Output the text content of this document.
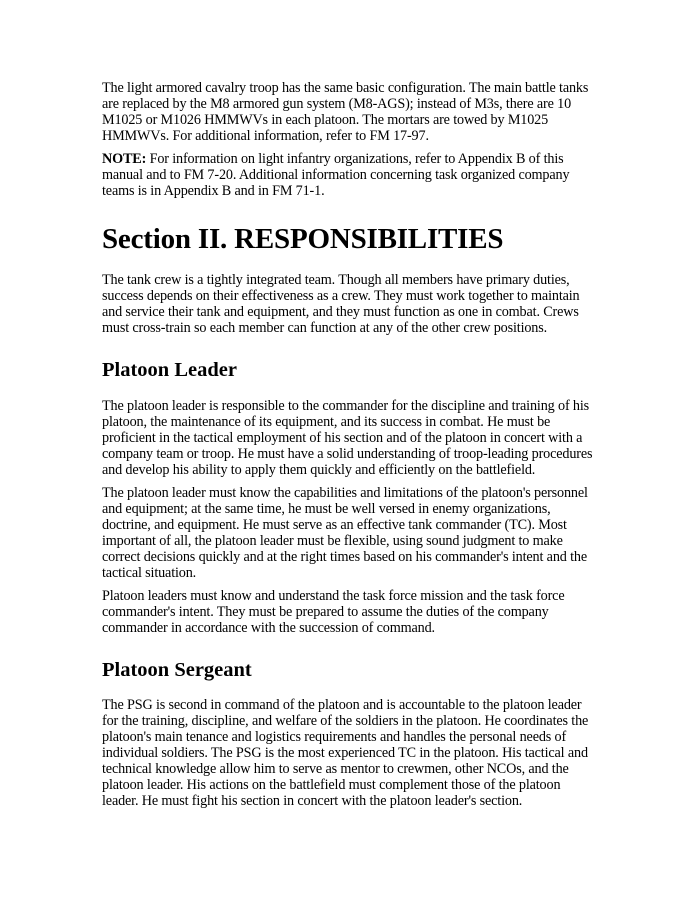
The light armored cavalry troop has the same basic configuration. The main battle tanks are replaced by the M8 armored gun system (M8-AGS); instead of M3s, there are 10 M1025 or M1026 HMMWVs in each platoon. The mortars are towed by M1025 HMMWVs. For additional information, refer to FM 17-97.

NOTE: For information on light infantry organizations, refer to Appendix B of this manual and to FM 7-20. Additional information concerning task organized company teams is in Appendix B and in FM 71-1.

Section II. RESPONSIBILITIES

The tank crew is a tightly integrated team. Though all members have primary duties, success depends on their effectiveness as a crew. They must work together to maintain and service their tank and equipment, and they must function as one in combat. Crews must cross-train so each member can function at any of the other crew positions.

Platoon Leader

The platoon leader is responsible to the commander for the discipline and training of his platoon, the maintenance of its equipment, and its success in combat. He must be proficient in the tactical employment of his section and of the platoon in concert with a company team or troop. He must have a solid understanding of troop-leading procedures and develop his ability to apply them quickly and efficiently on the battlefield.

The platoon leader must know the capabilities and limitations of the platoon's personnel and equipment; at the same time, he must be well versed in enemy organizations, doctrine, and equipment. He must serve as an effective tank commander (TC). Most important of all, the platoon leader must be flexible, using sound judgment to make correct decisions quickly and at the right times based on his commander's intent and the tactical situation.

Platoon leaders must know and understand the task force mission and the task force commander's intent. They must be prepared to assume the duties of the company commander in accordance with the succession of command.

Platoon Sergeant

The PSG is second in command of the platoon and is accountable to the platoon leader for the training, discipline, and welfare of the soldiers in the platoon. He coordinates the platoon's main tenance and logistics requirements and handles the personal needs of individual soldiers. The PSG is the most experienced TC in the platoon. His tactical and technical knowledge allow him to serve as mentor to crewmen, other NCOs, and the platoon leader. His actions on the battlefield must complement those of the platoon leader. He must fight his section in concert with the platoon leader's section.
